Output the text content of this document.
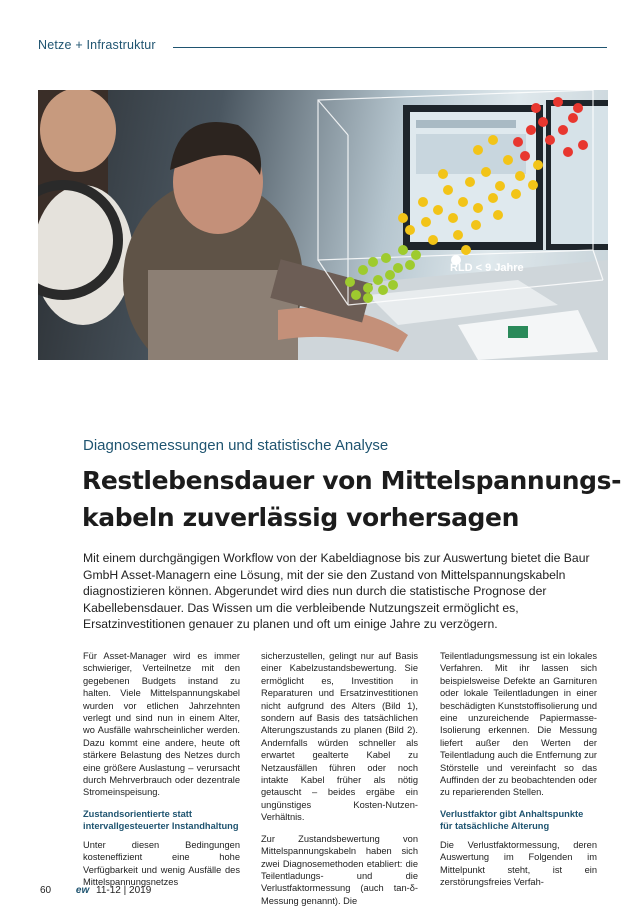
Netze + Infrastruktur
RLD < 9 Jahre
Diagnosemessungen und statistische Analyse
Restlebensdauer von Mittelspannungs-
kabeln zuverlässig vorhersagen

Mit einem durchgängigen Workflow von der Kabeldiagnose bis zur Auswertung bietet die Baur GmbH Asset-Managern eine Lösung, mit der sie den Zustand von Mittelspannungskabeln diagnostizieren können. Abgerundet wird dies nun durch die statistische Prognose der Kabellebensdauer. Das Wissen um die verbleibende Nutzungszeit ermöglicht es, Ersatzinvestitionen genauer zu planen und oft um einige Jahre zu verzögern.

Für Asset-Manager wird es immer schwieriger, Verteilnetze mit den gegebenen Budgets instand zu halten. Viele Mittelspannungskabel wurden vor etlichen Jahrzehnten verlegt und sind nun in einem Alter, wo Ausfälle wahrscheinlicher werden. Dazu kommt eine andere, heute oft stärkere Belastung des Netzes durch eine größere Auslastung – verursacht durch Mehrverbrauch oder dezentrale Stromeinspeisung.

Zustandsorientierte statt intervallgesteuerter Instandhaltung

Unter diesen Bedingungen kosteneffizient eine hohe Verfügbarkeit und wenig Ausfälle des Mittelspannungsnetzes

sicherzustellen, gelingt nur auf Basis einer Kabelzustandsbewertung. Sie ermöglicht es, Investition in Reparaturen und Ersatzinvestitionen nicht aufgrund des Alters (Bild 1), sondern auf Basis des tatsächlichen Alterungszustands zu planen (Bild 2). Andernfalls würden schneller als erwartet gealterte Kabel zu Netzausfällen führen oder noch intakte Kabel früher als nötig getauscht – beides ergäbe ein ungünstiges Kosten-Nutzen-Verhältnis.

Zur Zustandsbewertung von Mittelspannungskabeln haben sich zwei Diagnosemethoden etabliert: die Teilentladungs- und die Verlustfaktormessung (auch tan-δ-Messung genannt). Die

Teilentladungsmessung ist ein lokales Verfahren. Mit ihr lassen sich beispielsweise Defekte an Garnituren oder lokale Teilentladungen in einer beschädigten Kunststoffisolierung und eine unzureichende Papiermasse-Isolierung erkennen. Die Messung liefert außer den Werten der Teilentladung auch die Entfernung zur Störstelle und vereinfacht so das Auffinden der zu beobachtenden oder zu reparierenden Stellen.

Verlustfaktor gibt Anhaltspunkte für tatsächliche Alterung

Die Verlustfaktormessung, deren Auswertung im Folgenden im Mittelpunkt steht, ist ein zerstörungsfreies Verfah-

60 ew 11-12 | 2019
